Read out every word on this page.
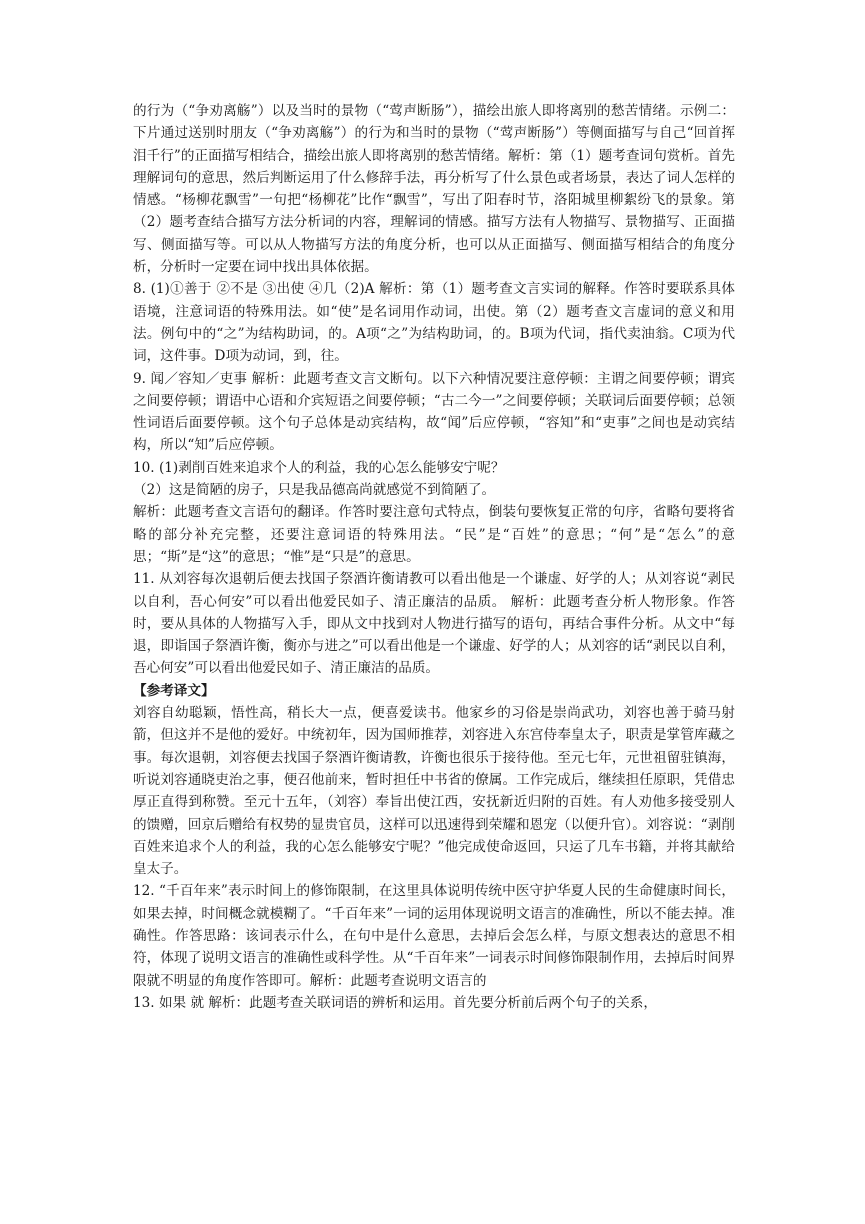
的行为（“争劝离觞”）以及当时的景物（“莺声断肠”），描绘出旅人即将离别的愁苦情绪。示例二：下片通过送别时朋友（“争劝离觞”）的行为和当时的景物（“莺声断肠”）等侧面描写与自己“回首挥泪千行”的正面描写相结合，描绘出旅人即将离别的愁苦情绪。解析：第（1）题考查词句赏析。首先理解词句的意思，然后判断运用了什么修辞手法，再分析写了什么景色或者场景，表达了词人怎样的情感。“杨柳花飘雪”一句把“杨柳花”比作“飘雪”，写出了阳春时节，洛阳城里柳絮纷飞的景象。第（2）题考查结合描写方法分析词的内容，理解词的情感。描写方法有人物描写、景物描写、正面描写、侧面描写等。可以从人物描写方法的角度分析，也可以从正面描写、侧面描写相结合的角度分析，分析时一定要在词中找出具体依据。

8. (1)①善于 ②不是 ③出使 ④几（2)A 解析：第（1）题考查文言实词的解释。作答时要联系具体语境，注意词语的特殊用法。如“使”是名词用作动词，出使。第（2）题考查文言虚词的意义和用法。例句中的“之”为结构助词，的。A项“之”为结构助词，的。B项为代词，指代卖油翁。C项为代词，这件事。D项为动词，到，往。

9. 闻／容知／吏事 解析：此题考查文言文断句。以下六种情况要注意停顿：主谓之间要停顿；谓宾之间要停顿；谓语中心语和介宾短语之间要停顿；“古二今一”之间要停顿；关联词后面要停顿；总领性词语后面要停顿。这个句子总体是动宾结构，故“闻”后应停顿，“容知”和“吏事”之间也是动宾结构，所以“知”后应停顿。

10. (1)剥削百姓来追求个人的利益，我的心怎么能够安宁呢？

（2）这是简陋的房子，只是我品德高尚就感觉不到简陋了。

解析：此题考查文言语句的翻译。作答时要注意句式特点，倒装句要恢复正常的句序，省略句要将省略的部分补充完整，还要注意词语的特殊用法。“民”是“百姓”的意思；“何”是“怎么”的意思；“斯”是“这”的意思；“惟”是“只是”的意思。

11. 从刘容每次退朝后便去找国子祭酒许衡请教可以看出他是一个谦虚、好学的人；从刘容说“剥民以自利，吾心何安”可以看出他爱民如子、清正廉洁的品质。 解析：此题考查分析人物形象。作答时，要从具体的人物描写入手，即从文中找到对人物进行描写的语句，再结合事件分析。从文中“每退，即诣国子祭酒许衡，衡亦与进之”可以看出他是一个谦虚、好学的人；从刘容的话“剥民以自利，吾心何安”可以看出他爱民如子、清正廉洁的品质。

【参考译文】

刘容自幼聪颖，悟性高，稍长大一点，便喜爱读书。他家乡的习俗是崇尚武功，刘容也善于骑马射箭，但这并不是他的爱好。中统初年，因为国师推荐，刘容进入东宫侍奉皇太子，职责是掌管库藏之事。每次退朝，刘容便去找国子祭酒许衡请教，许衡也很乐于接待他。至元七年，元世祖留驻镇海，听说刘容通晓吏治之事，便召他前来，暂时担任中书省的僚属。工作完成后，继续担任原职，凭借忠厚正直得到称赞。至元十五年，（刘容）奉旨出使江西，安抚新近归附的百姓。有人劝他多接受别人的馈赠，回京后赠给有权势的显贵官员，这样可以迅速得到荣耀和恩宠（以便升官）。刘容说：“剥削百姓来追求个人的利益，我的心怎么能够安宁呢？”他完成使命返回，只运了几车书籍，并将其献给皇太子。

12. “千百年来”表示时间上的修饰限制，在这里具体说明传统中医守护华夏人民的生命健康时间长，如果去掉，时间概念就模糊了。“千百年来”一词的运用体现说明文语言的准确性，所以不能去掉。准确性。作答思路：该词表示什么，在句中是什么意思，去掉后会怎么样，与原文想表达的意思不相符，体现了说明文语言的准确性或科学性。从“千百年来”一词表示时间修饰限制作用，去掉后时间界限就不明显的角度作答即可。解析：此题考查说明文语言的

13. 如果 就 解析：此题考查关联词语的辨析和运用。首先要分析前后两个句子的关系，
